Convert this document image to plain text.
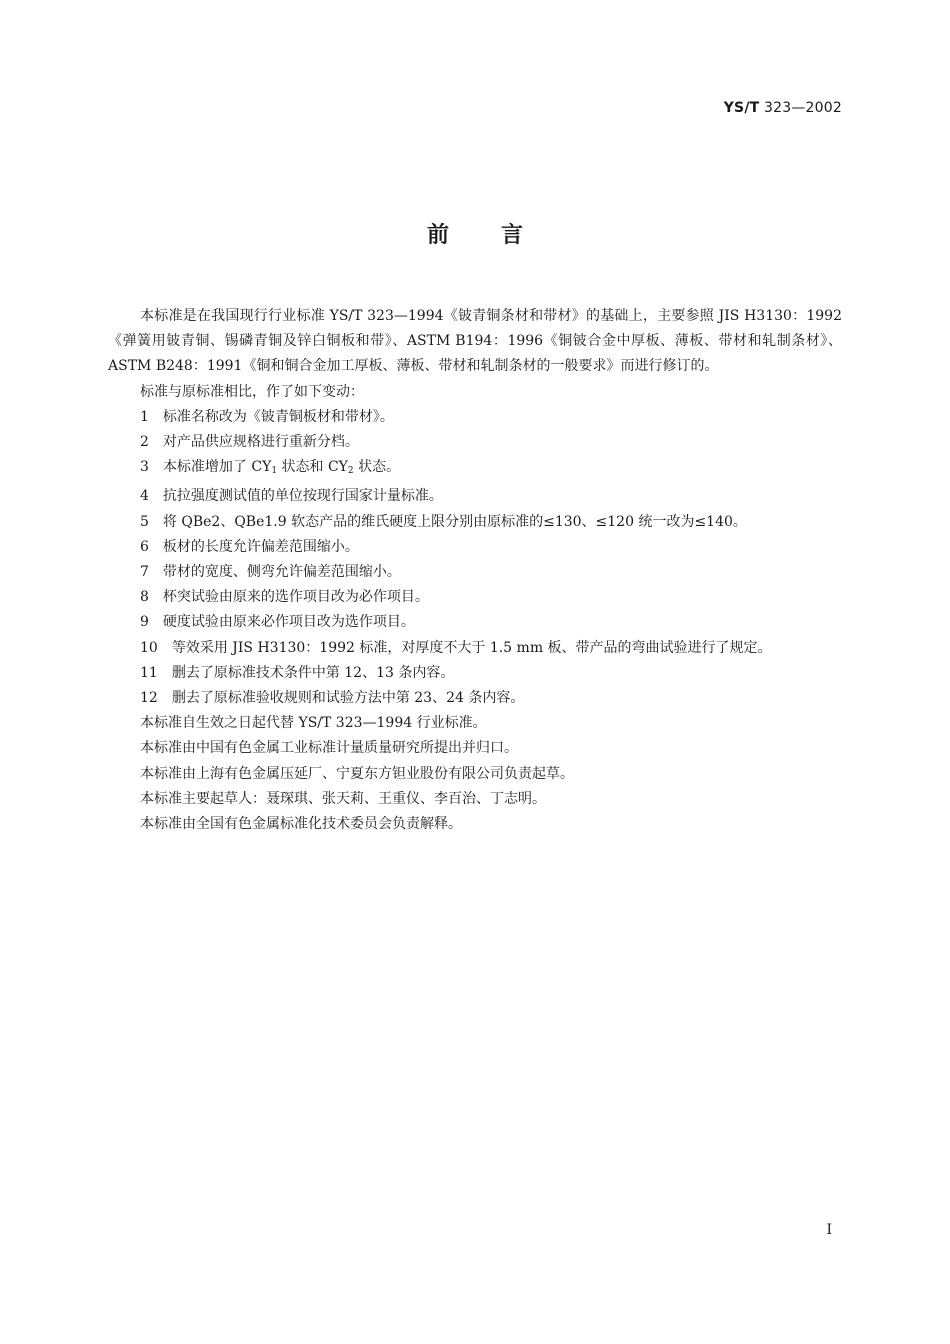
YS/T 323—2002
前言

本标准是在我国现行行业标准 YS/T 323—1994《铍青铜条材和带材》的基础上，主要参照 JIS H3130：1992《弹簧用铍青铜、锡磷青铜及锌白铜板和带》、ASTM B194：1996《铜铍合金中厚板、薄板、带材和轧制条材》、ASTM B248：1991《铜和铜合金加工厚板、薄板、带材和轧制条材的一般要求》而进行修订的。

标准与原标准相比，作了如下变动：

1 标准名称改为《铍青铜板材和带材》。

2 对产品供应规格进行重新分档。

3 本标准增加了 $CY_1$ 状态和 $CY_2$ 状态。

4 抗拉强度测试值的单位按现行国家计量标准。

5 将 QBe2、QBe1.9 软态产品的维氏硬度上限分别由原标准的≤130、≤120 统一改为≤140。

6 板材的长度允许偏差范围缩小。

7 带材的宽度、侧弯允许偏差范围缩小。

8 杯突试验由原来的选作项目改为必作项目。

9 硬度试验由原来必作项目改为选作项目。

10 等效采用 JIS H3130：1992 标准，对厚度不大于 1.5 mm 板、带产品的弯曲试验进行了规定。

11 删去了原标准技术条件中第 12、13 条内容。

12 删去了原标准验收规则和试验方法中第 23、24 条内容。

本标准自生效之日起代替 YS/T 323—1994 行业标准。

本标准由中国有色金属工业标准计量质量研究所提出并归口。

本标准由上海有色金属压延厂、宁夏东方钽业股份有限公司负责起草。

本标准主要起草人：聂琛琪、张天莉、王重仪、李百治、丁志明。

本标准由全国有色金属标准化技术委员会负责解释。

I
